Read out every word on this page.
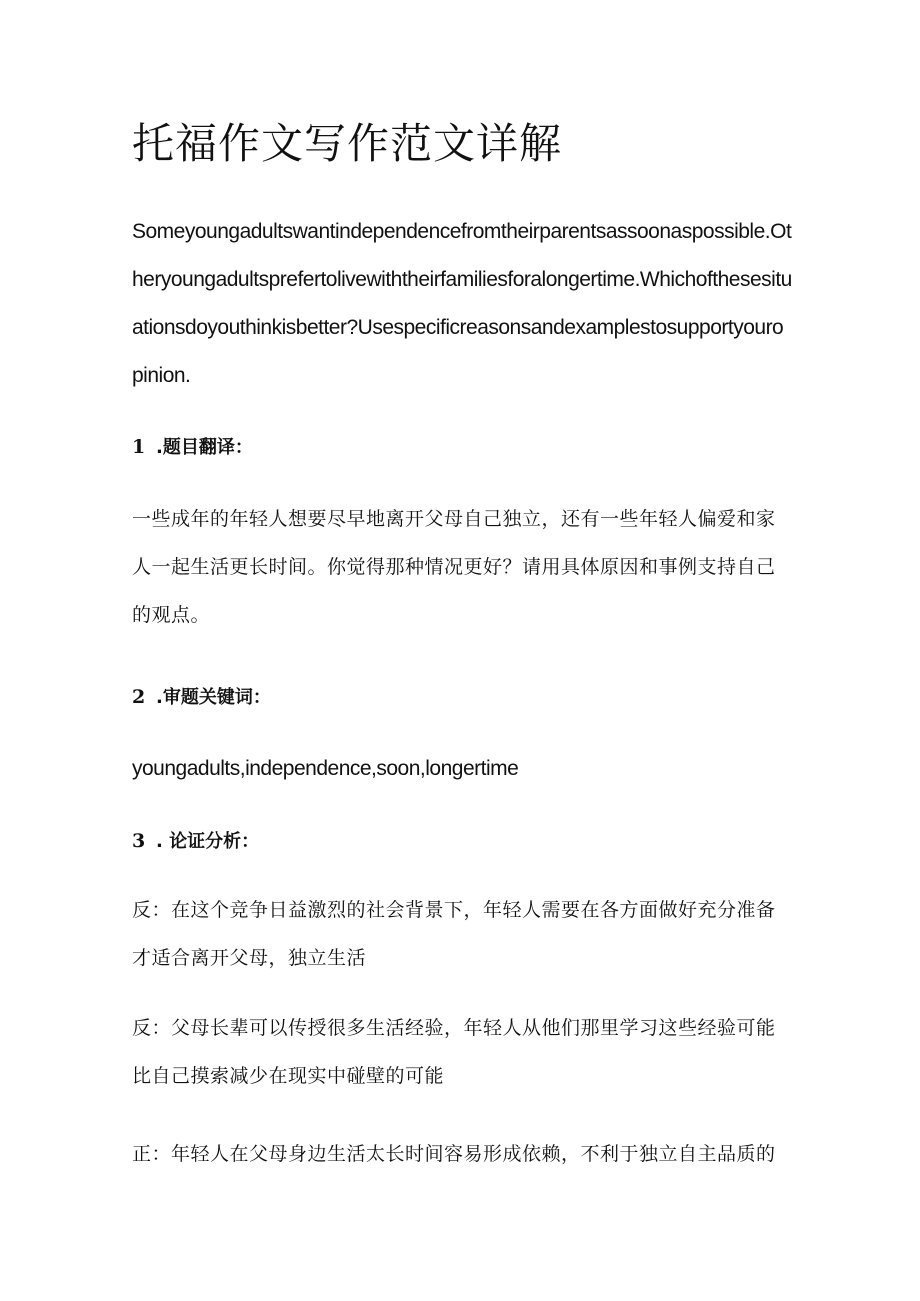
托福作文写作范文详解

Someyoungadultswantindependencefromtheirparentsassoonaspossible.Otheryoungadultsprefertolivewiththeirfamiliesforalongertime.Whichofthesesituationsdoyouthinkisbetter?Usespecificreasonsandexamplestosupportyouropinion.

1 .题目翻译：

一些成年的年轻人想要尽早地离开父母自己独立，还有一些年轻人偏爱和家人一起生活更长时间。你觉得那种情况更好？请用具体原因和事例支持自己的观点。

2 .审题关键词：

youngadults,independence,soon,longertime

3 . 论证分析：

反：在这个竞争日益激烈的社会背景下，年轻人需要在各方面做好充分准备才适合离开父母，独立生活

反：父母长辈可以传授很多生活经验，年轻人从他们那里学习这些经验可能比自己摸索减少在现实中碰壁的可能

正：年轻人在父母身边生活太长时间容易形成依赖，不利于独立自主品质的
